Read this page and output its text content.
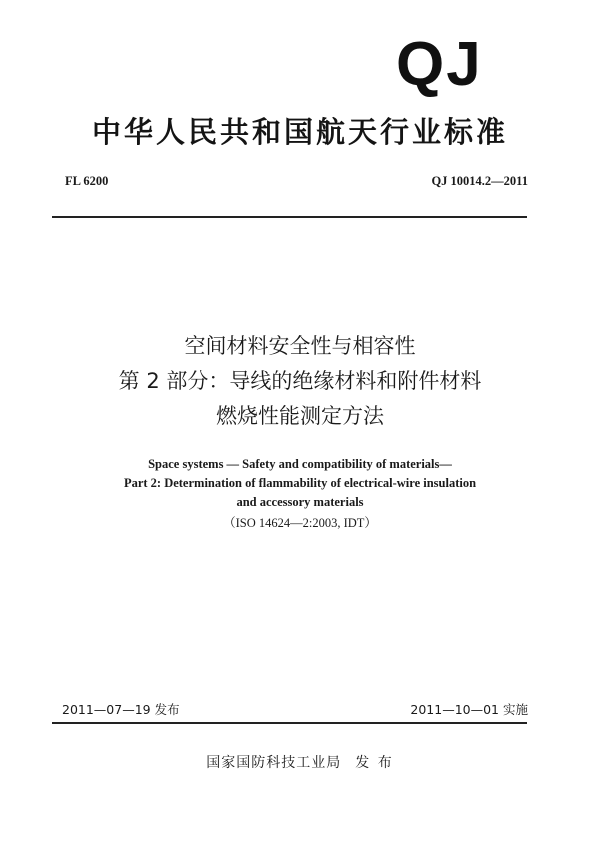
QJ
中华人民共和国航天行业标准
FL 6200	QJ 10014.2—2011
空间材料安全性与相容性
第 2 部分：导线的绝缘材料和附件材料
燃烧性能测定方法
Space systems — Safety and compatibility of materials—
Part 2: Determination of flammability of electrical-wire insulation
and accessory materials
（ISO 14624—2:2003, IDT）
2011—07—19 发布	2011—10—01 实施
国家国防科技工业局 发 布
